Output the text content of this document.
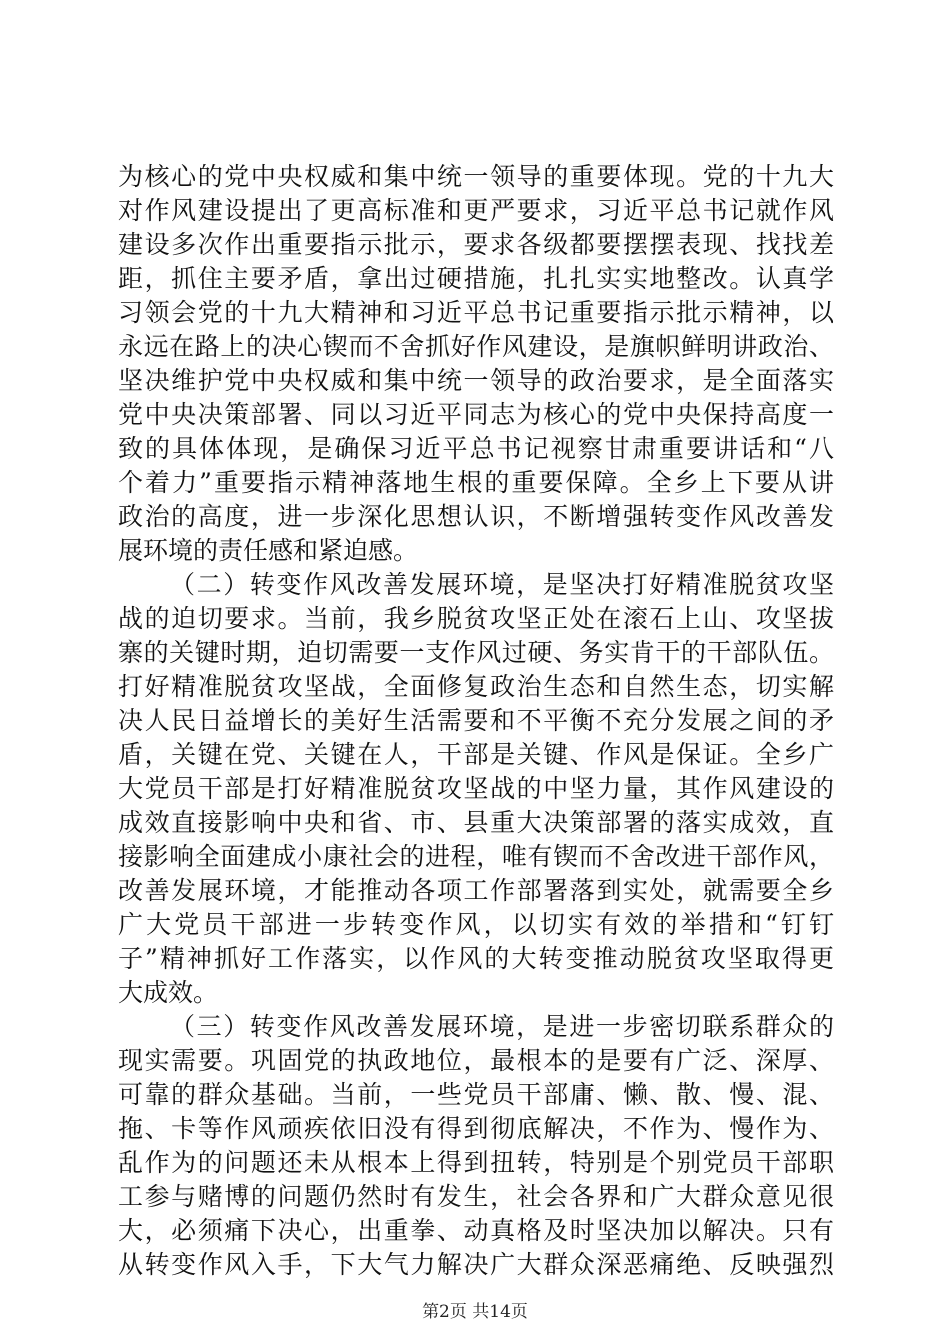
为核心的党中央权威和集中统一领导的重要体现。党的十九大
对作风建设提出了更高标准和更严要求，习近平总书记就作风
建设多次作出重要指示批示，要求各级都要摆摆表现、找找差
距，抓住主要矛盾，拿出过硬措施，扎扎实实地整改。认真学
习领会党的十九大精神和习近平总书记重要指示批示精神，以
永远在路上的决心锲而不舍抓好作风建设，是旗帜鲜明讲政治、
坚决维护党中央权威和集中统一领导的政治要求，是全面落实
党中央决策部署、同以习近平同志为核心的党中央保持高度一
致的具体体现，是确保习近平总书记视察甘肃重要讲话和“八
个着力”重要指示精神落地生根的重要保障。全乡上下要从讲
政治的高度，进一步深化思想认识，不断增强转变作风改善发
展环境的责任感和紧迫感。
（二）转变作风改善发展环境，是坚决打好精准脱贫攻坚
战的迫切要求。当前，我乡脱贫攻坚正处在滚石上山、攻坚拔
寨的关键时期，迫切需要一支作风过硬、务实肯干的干部队伍。
打好精准脱贫攻坚战，全面修复政治生态和自然生态，切实解
决人民日益增长的美好生活需要和不平衡不充分发展之间的矛
盾，关键在党、关键在人，干部是关键、作风是保证。全乡广
大党员干部是打好精准脱贫攻坚战的中坚力量，其作风建设的
成效直接影响中央和省、市、县重大决策部署的落实成效，直
接影响全面建成小康社会的进程，唯有锲而不舍改进干部作风，
改善发展环境，才能推动各项工作部署落到实处，就需要全乡
广大党员干部进一步转变作风，以切实有效的举措和“钉钉
子”精神抓好工作落实，以作风的大转变推动脱贫攻坚取得更
大成效。
（三）转变作风改善发展环境，是进一步密切联系群众的
现实需要。巩固党的执政地位，最根本的是要有广泛、深厚、
可靠的群众基础。当前，一些党员干部庸、懒、散、慢、混、
拖、卡等作风顽疾依旧没有得到彻底解决，不作为、慢作为、
乱作为的问题还未从根本上得到扭转，特别是个别党员干部职
工参与赌博的问题仍然时有发生，社会各界和广大群众意见很
大，必须痛下决心，出重拳、动真格及时坚决加以解决。只有
从转变作风入手，下大气力解决广大群众深恶痛绝、反映强烈
第2页 共14页
